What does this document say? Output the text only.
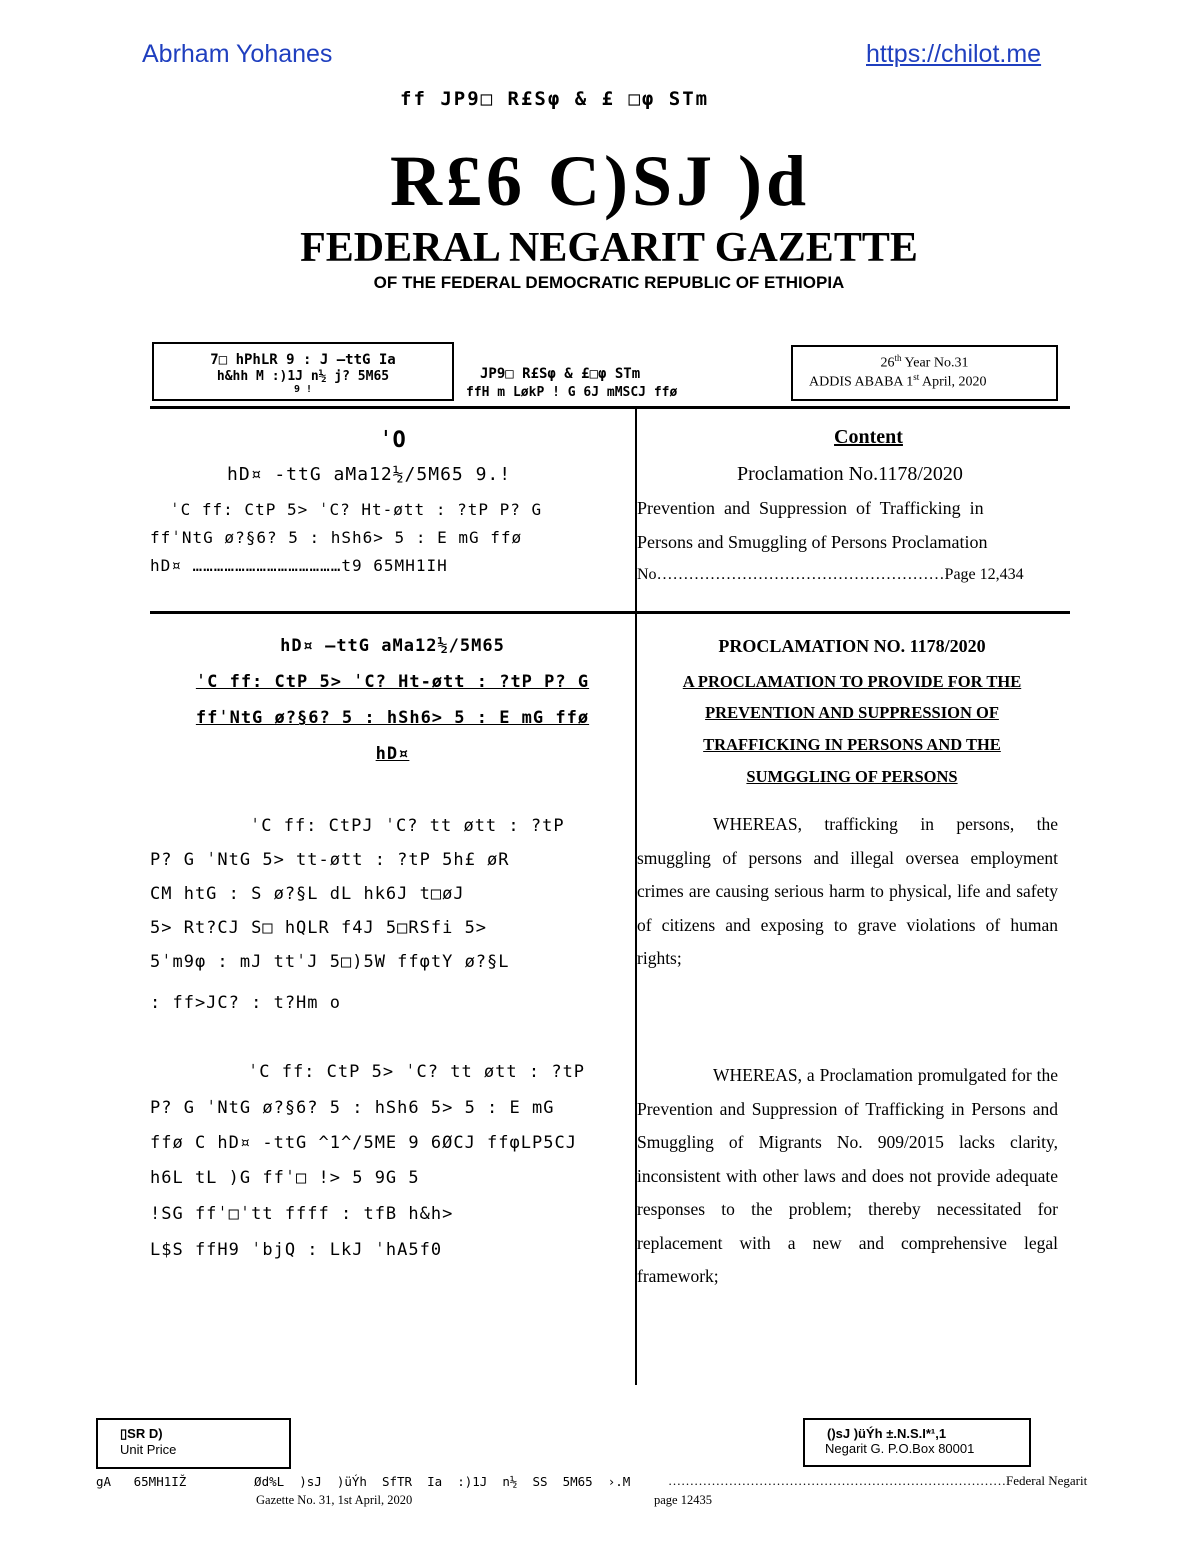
Abrham Yohanes	https://chilot.me
ff JP9□ R£Sφ & £ □φ STm
R£6 C)SJ )d
FEDERAL NEGARIT GAZETTE
OF THE FEDERAL DEMOCRATIC REPUBLIC OF ETHIOPIA
7□ hPhLR 9 : J –ttG Ia
h&hh M :)1J n½ j? 5M65
9 !
JP9□ R£Sφ & £□φ STm
ffH m LøkP ! G 6J mMSCJ ffø
26th Year No.31
ADDIS ABABA 1st April, 2020
ˈO
hD¤ -ttG aMa12½/5M65 9.!
ˈC ff: CtP 5> ˈC? Ht-øtt : ?tP P? G
ffˈNtG ø?§6? 5 : hSh6> 5 : E mG ffø
hD¤ ……………………………………t9 65MH1IH
Content
Proclamation No.1178/2020
Prevention  and  Suppression  of  Trafficking  in
Persons and Smuggling of Persons Proclamation
No………………………………………………Page 12,434
hD¤ –ttG aMa12½/5M65
ˈC ff: CtP 5> ˈC? Ht-øtt : ?tP P? G
ffˈNtG ø?§6? 5 : hSh6> 5 : E mG ffø
hD¤
ˈC ff: CtPJ ˈC? tt øtt : ?tP
P? G ˈNtG 5> tt-øtt : ?tP 5h£ øR
CM htG : S ø?§L dL hk6J t□øJ
5> Rt?CJ S□ hQLR f4J 5□RSfi 5>
5ˈm9φ : mJ ttˈJ 5□)5W ffφtY ø?§L
: ff>JC? : t?Hm o
ˈC ff: CtP 5> ˈC? tt øtt : ?tP
P? G ˈNtG ø?§6? 5 : hSh6 5> 5 : E mG
ffø C hD¤ -ttG ^1^/5ME 9 6ØCJ ffφLP5CJ
h6L tL )G ffˈ□ !> 5 9G 5
!SG ffˈ□ˈtt ffff : tfB h&h>
L$S ffH9 ˈbjQ : LkJ ˈhA5f0
PROCLAMATION NO. 1178/2020
A PROCLAMATION TO PROVIDE FOR THE
PREVENTION AND SUPPRESSION OF
TRAFFICKING IN PERSONS AND THE
SUMGGLING OF PERSONS
WHEREAS, trafficking in persons, the smuggling of persons and illegal oversea employment crimes are causing serious harm to physical, life and safety of citizens and exposing to grave violations of human rights;
WHEREAS, a Proclamation promulgated for the Prevention and Suppression of Trafficking in Persons and Smuggling of Migrants No. 909/2015 lacks clarity, inconsistent with other laws and does not provide adequate responses to the problem; thereby necessitated for replacement with a new and comprehensive legal framework;
▯SR D)
Unit Price
()sJ )üÝh ±.N.S.I*¹,1
Negarit G. P.O.Box 80001
gA   65MH1IŽ         Ød%L  )sJ  )üÝh  SfTR  Ia  :)1J  n½  SS  5M65  ›.M	……………………………………………………………………Federal Negarit
Gazette No. 31, 1st April, 2020	page 12435
